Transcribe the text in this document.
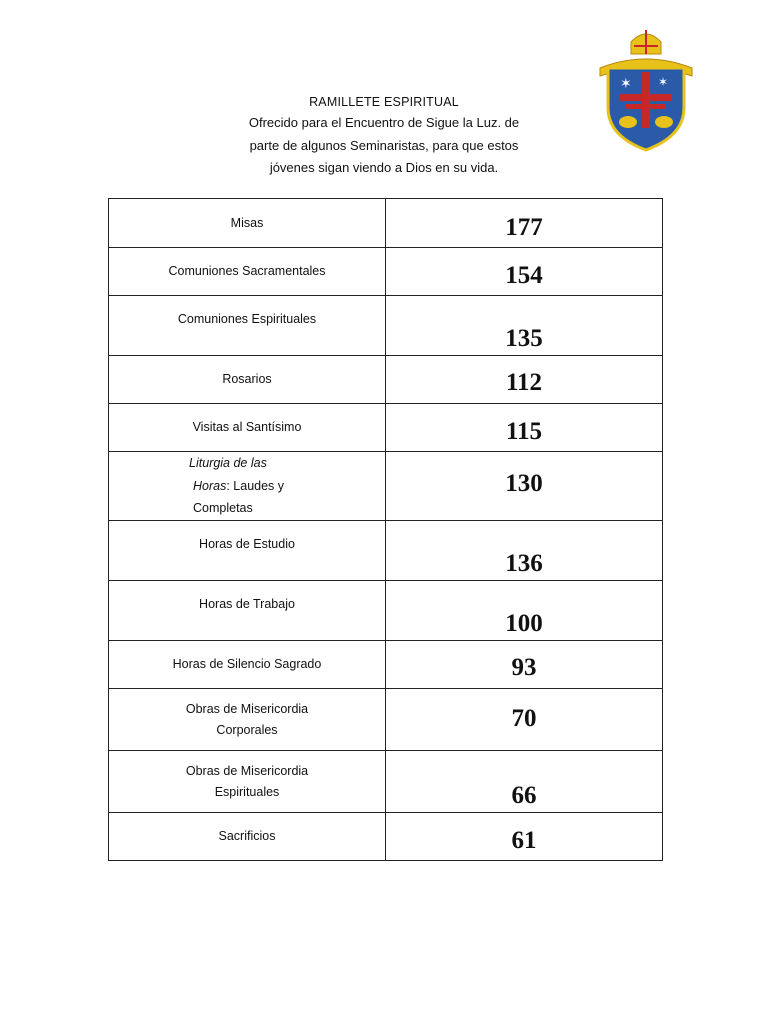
✶ ✶
RAMILLETE ESPIRITUAL
Ofrecido para el Encuentro de Sigue la Luz. de
parte de algunos Seminaristas, para que estos
jóvenes sigan viendo a Dios en su vida.
Misas	177
Comuniones Sacramentales	154

Comuniones Espirituales	135
Rosarios	112
Visitas al Santísimo	115

Liturgia de las
Horas: Laudes y
Completas	130

Horas de Estudio	136

Horas de Trabajo	100
Horas de Silencio Sagrado	93

Obras de Misericordia
Corporales	70

Obras de Misericordia
Espirituales	66
Sacrificios	61
